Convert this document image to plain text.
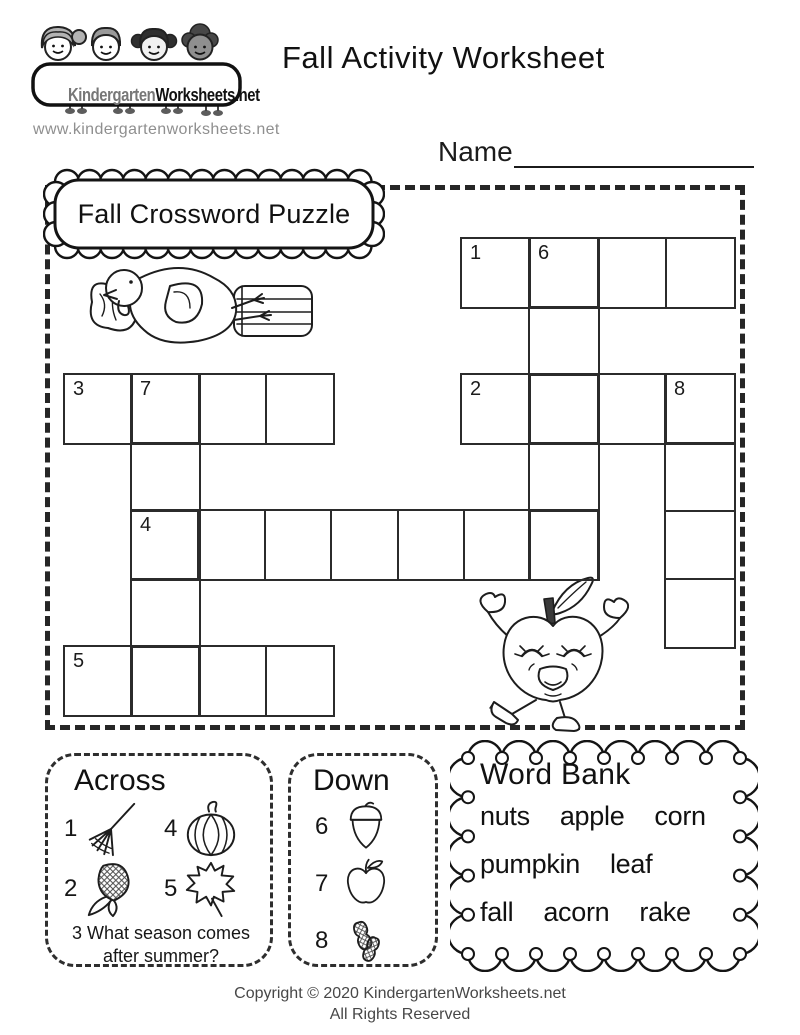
KindergartenWorksheets.net
www.kindergartenworksheets.net
Fall Activity Worksheet
Name
Fall Crossword Puzzle
1	6
2	8
3	7
4
5
Across
1	4
2	5
3 What season comes after summer?
Down
6
7
8
Word Bank
nuts apple corn
pumpkin leaf
fall acorn rake
Copyright © 2020 KindergartenWorksheets.net
All Rights Reserved
